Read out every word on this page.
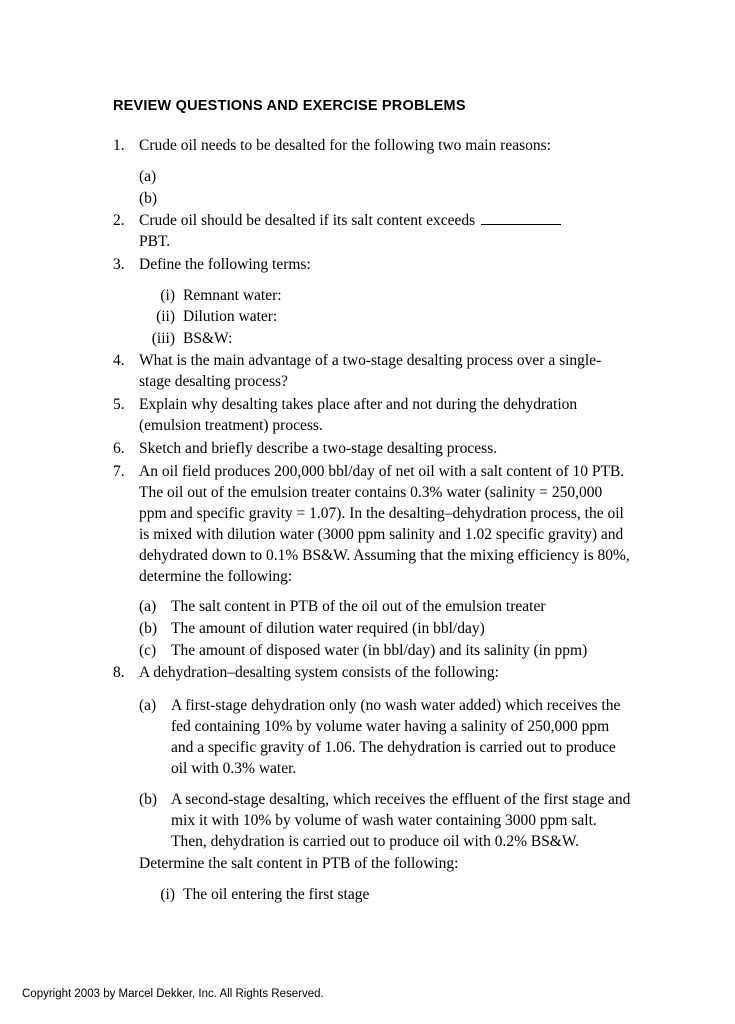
REVIEW QUESTIONS AND EXERCISE PROBLEMS
1. Crude oil needs to be desalted for the following two main reasons:
(a)
(b)
2. Crude oil should be desalted if its salt content exceeds
PBT.
3. Define the following terms:
(i) Remnant water:
(ii) Dilution water:
(iii) BS&W:
4. What is the main advantage of a two-stage desalting process over a single-stage desalting process?
5. Explain why desalting takes place after and not during the dehydration (emulsion treatment) process.
6. Sketch and briefly describe a two-stage desalting process.
7. An oil field produces 200,000 bbl/day of net oil with a salt content of 10 PTB. The oil out of the emulsion treater contains 0.3% water (salinity = 250,000 ppm and specific gravity = 1.07). In the desalting–dehydration process, the oil is mixed with dilution water (3000 ppm salinity and 1.02 specific gravity) and dehydrated down to 0.1% BS&W. Assuming that the mixing efficiency is 80%, determine the following:
(a) The salt content in PTB of the oil out of the emulsion treater
(b) The amount of dilution water required (in bbl/day)
(c) The amount of disposed water (in bbl/day) and its salinity (in ppm)
8. A dehydration–desalting system consists of the following:
(a) A first-stage dehydration only (no wash water added) which receives the fed containing 10% by volume water having a salinity of 250,000 ppm and a specific gravity of 1.06. The dehydration is carried out to produce oil with 0.3% water.
(b) A second-stage desalting, which receives the effluent of the first stage and mix it with 10% by volume of wash water containing 3000 ppm salt. Then, dehydration is carried out to produce oil with 0.2% BS&W.
Determine the salt content in PTB of the following:
(i) The oil entering the first stage
Copyright 2003 by Marcel Dekker, Inc. All Rights Reserved.
